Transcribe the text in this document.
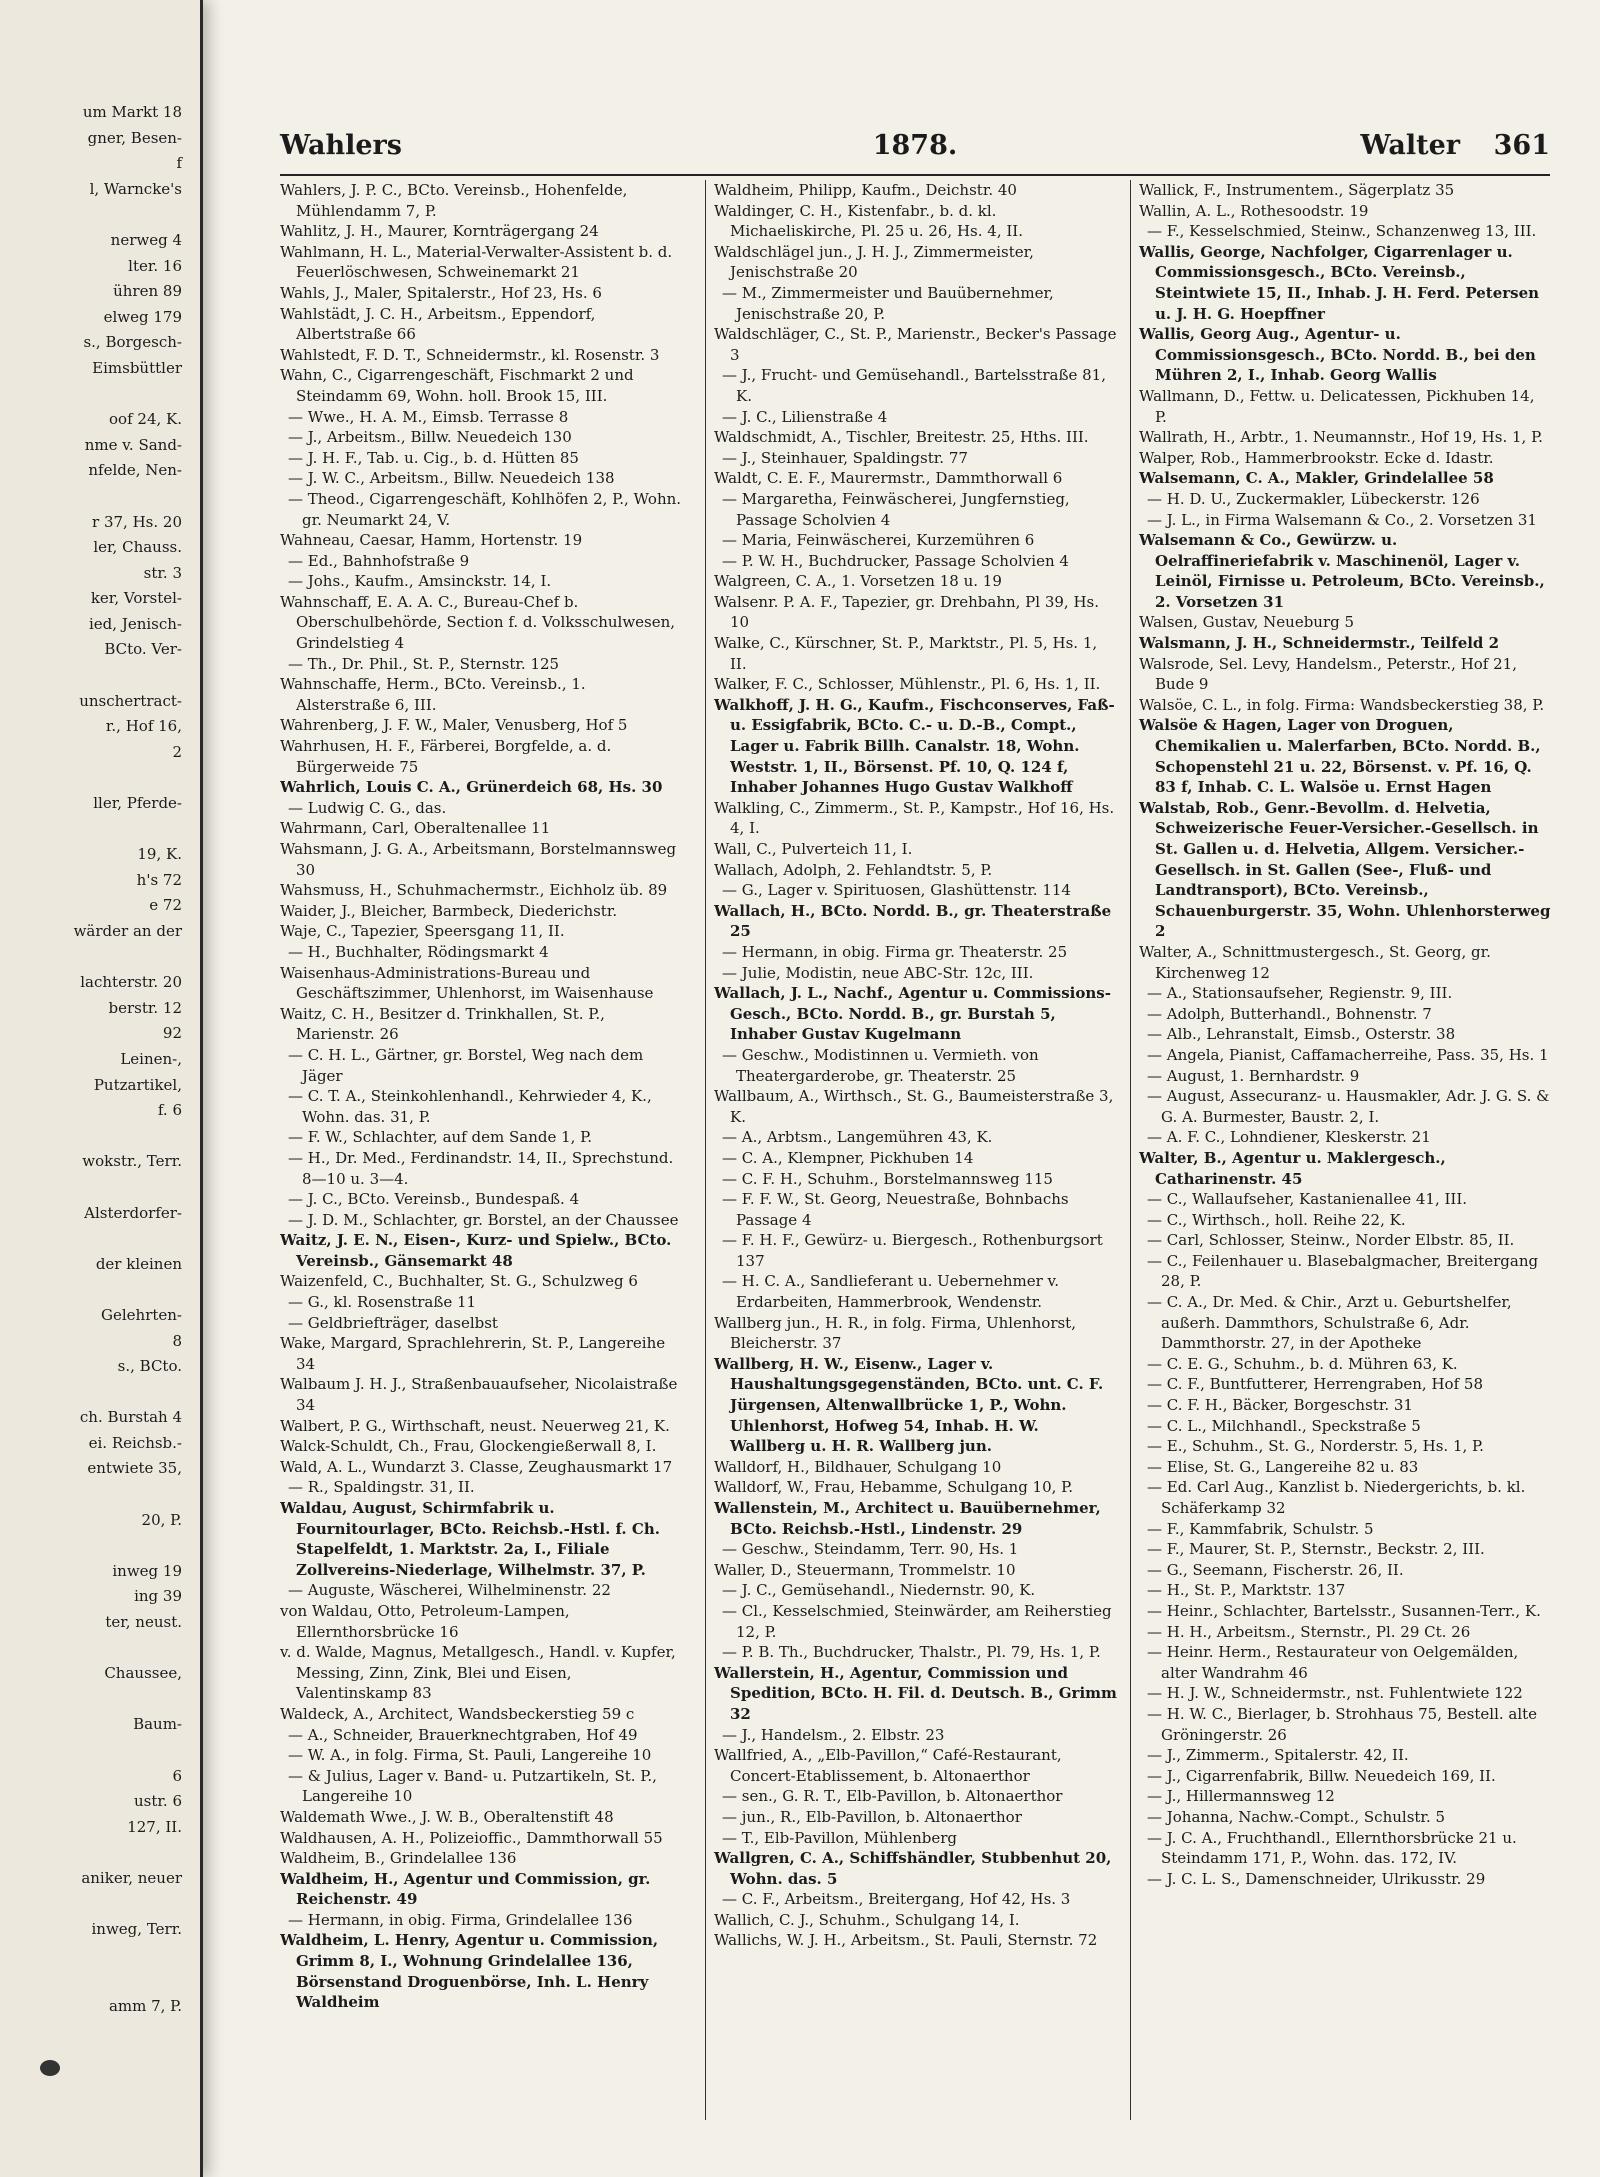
um Markt 18
gner, Besen-
f
l, Warncke's

nerweg 4
lter. 16
ühren 89
elweg 179
s., Borgesch-
Eimsbüttler

oof 24, K.
nme v. Sand-
nfelde, Nen-

r 37, Hs. 20
ler, Chauss.
str. 3
ker, Vorstel-
ied, Jenisch-
BCto. Ver-

unschertract-
r., Hof 16,
2

ller, Pferde-

19, K.
h's 72
e 72
wärder an der

lachterstr. 20
berstr. 12
92
Leinen-,
Putzartikel,
f. 6

wokstr., Terr.

Alsterdorfer-

der kleinen

Gelehrten-
8
s., BCto.

ch. Burstah 4
ei. Reichsb.-
entwiete 35,

20, P.

inweg 19
ing 39
ter, neust.

Chaussee,

Baum-

6
ustr. 6
127, II.

aniker, neuer

inweg, Terr.

amm 7, P.
Wahlers	1878.	Walter 361

Wahlers, J. P. C., BCto. Vereinsb., Hohenfelde, Mühlendamm 7, P.

Wahlitz, J. H., Maurer, Kornträgergang 24

Wahlmann, H. L., Material-Verwalter-Assistent b. d. Feuerlöschwesen, Schweinemarkt 21

Wahls, J., Maler, Spitalerstr., Hof 23, Hs. 6

Wahlstädt, J. C. H., Arbeitsm., Eppendorf, Albertstraße 66

Wahlstedt, F. D. T., Schneidermstr., kl. Rosenstr. 3

Wahn, C., Cigarrengeschäft, Fischmarkt 2 und Steindamm 69, Wohn. holl. Brook 15, III.

— Wwe., H. A. M., Eimsb. Terrasse 8

— J., Arbeitsm., Billw. Neuedeich 130

— J. H. F., Tab. u. Cig., b. d. Hütten 85

— J. W. C., Arbeitsm., Billw. Neuedeich 138

— Theod., Cigarrengeschäft, Kohlhöfen 2, P., Wohn. gr. Neumarkt 24, V.

Wahneau, Caesar, Hamm, Hortenstr. 19

— Ed., Bahnhofstraße 9

— Johs., Kaufm., Amsinckstr. 14, I.

Wahnschaff, E. A. A. C., Bureau-Chef b. Oberschulbehörde, Section f. d. Volksschulwesen, Grindelstieg 4

— Th., Dr. Phil., St. P., Sternstr. 125

Wahnschaffe, Herm., BCto. Vereinsb., 1. Alsterstraße 6, III.

Wahrenberg, J. F. W., Maler, Venusberg, Hof 5

Wahrhusen, H. F., Färberei, Borgfelde, a. d. Bürgerweide 75

Wahrlich, Louis C. A., Grünerdeich 68, Hs. 30

— Ludwig C. G., das.

Wahrmann, Carl, Oberaltenallee 11

Wahsmann, J. G. A., Arbeitsmann, Borstelmannsweg 30

Wahsmuss, H., Schuhmachermstr., Eichholz üb. 89

Waider, J., Bleicher, Barmbeck, Diederichstr.

Waje, C., Tapezier, Speersgang 11, II.

— H., Buchhalter, Rödingsmarkt 4

Waisenhaus-Administrations-Bureau und Geschäftszimmer, Uhlenhorst, im Waisenhause

Waitz, C. H., Besitzer d. Trinkhallen, St. P., Marienstr. 26

— C. H. L., Gärtner, gr. Borstel, Weg nach dem Jäger

— C. T. A., Steinkohlenhandl., Kehrwieder 4, K., Wohn. das. 31, P.

— F. W., Schlachter, auf dem Sande 1, P.

— H., Dr. Med., Ferdinandstr. 14, II., Sprechstund. 8—10 u. 3—4.

— J. C., BCto. Vereinsb., Bundespaß. 4

— J. D. M., Schlachter, gr. Borstel, an der Chaussee

Waitz, J. E. N., Eisen-, Kurz- und Spielw., BCto. Vereinsb., Gänsemarkt 48

Waizenfeld, C., Buchhalter, St. G., Schulzweg 6

— G., kl. Rosenstraße 11

— Geldbriefträger, daselbst

Wake, Margard, Sprachlehrerin, St. P., Langereihe 34

Walbaum J. H. J., Straßenbauaufseher, Nicolaistraße 34

Walbert, P. G., Wirthschaft, neust. Neuerweg 21, K.

Walck-Schuldt, Ch., Frau, Glockengießerwall 8, I.

Wald, A. L., Wundarzt 3. Classe, Zeughausmarkt 17

— R., Spaldingstr. 31, II.

Waldau, August, Schirmfabrik u. Fournitourlager, BCto. Reichsb.-Hstl. f. Ch. Stapelfeldt, 1. Marktstr. 2a, I., Filiale Zollvereins-Niederlage, Wilhelmstr. 37, P.

— Auguste, Wäscherei, Wilhelminenstr. 22

von Waldau, Otto, Petroleum-Lampen, Ellernthorsbrücke 16

v. d. Walde, Magnus, Metallgesch., Handl. v. Kupfer, Messing, Zinn, Zink, Blei und Eisen, Valentinskamp 83

Waldeck, A., Architect, Wandsbeckerstieg 59 c

— A., Schneider, Brauerknechtgraben, Hof 49

— W. A., in folg. Firma, St. Pauli, Langereihe 10

— & Julius, Lager v. Band- u. Putzartikeln, St. P., Langereihe 10

Waldemath Wwe., J. W. B., Oberaltenstift 48

Waldhausen, A. H., Polizeioffic., Dammthorwall 55

Waldheim, B., Grindelallee 136

Waldheim, H., Agentur und Commission, gr. Reichenstr. 49

— Hermann, in obig. Firma, Grindelallee 136

Waldheim, L. Henry, Agentur u. Commission, Grimm 8, I., Wohnung Grindelallee 136, Börsenstand Droguenbörse, Inh. L. Henry Waldheim

Waldheim, Philipp, Kaufm., Deichstr. 40

Waldinger, C. H., Kistenfabr., b. d. kl. Michaeliskirche, Pl. 25 u. 26, Hs. 4, II.

Waldschlägel jun., J. H. J., Zimmermeister, Jenischstraße 20

— M., Zimmermeister und Bauübernehmer, Jenischstraße 20, P.

Waldschläger, C., St. P., Marienstr., Becker's Passage 3

— J., Frucht- und Gemüsehandl., Bartelsstraße 81, K.

— J. C., Lilienstraße 4

Waldschmidt, A., Tischler, Breitestr. 25, Hths. III.

— J., Steinhauer, Spaldingstr. 77

Waldt, C. E. F., Maurermstr., Dammthorwall 6

— Margaretha, Feinwäscherei, Jungfernstieg, Passage Scholvien 4

— Maria, Feinwäscherei, Kurzemühren 6

— P. W. H., Buchdrucker, Passage Scholvien 4

Walgreen, C. A., 1. Vorsetzen 18 u. 19

Walsenr. P. A. F., Tapezier, gr. Drehbahn, Pl 39, Hs. 10

Walke, C., Kürschner, St. P., Marktstr., Pl. 5, Hs. 1, II.

Walker, F. C., Schlosser, Mühlenstr., Pl. 6, Hs. 1, II.

Walkhoff, J. H. G., Kaufm., Fischconserves, Faß- u. Essigfabrik, BCto. C.- u. D.-B., Compt., Lager u. Fabrik Billh. Canalstr. 18, Wohn. Weststr. 1, II., Börsenst. Pf. 10, Q. 124 f, Inhaber Johannes Hugo Gustav Walkhoff

Walkling, C., Zimmerm., St. P., Kampstr., Hof 16, Hs. 4, I.

Wall, C., Pulverteich 11, I.

Wallach, Adolph, 2. Fehlandtstr. 5, P.

— G., Lager v. Spirituosen, Glashüttenstr. 114

Wallach, H., BCto. Nordd. B., gr. Theaterstraße 25

— Hermann, in obig. Firma gr. Theaterstr. 25

— Julie, Modistin, neue ABC-Str. 12c, III.

Wallach, J. L., Nachf., Agentur u. Commissions-Gesch., BCto. Nordd. B., gr. Burstah 5, Inhaber Gustav Kugelmann

— Geschw., Modistinnen u. Vermieth. von Theatergarderobe, gr. Theaterstr. 25

Wallbaum, A., Wirthsch., St. G., Baumeisterstraße 3, K.

— A., Arbtsm., Langemühren 43, K.

— C. A., Klempner, Pickhuben 14

— C. F. H., Schuhm., Borstelmannsweg 115

— F. F. W., St. Georg, Neuestraße, Bohnbachs Passage 4

— F. H. F., Gewürz- u. Biergesch., Rothenburgsort 137

— H. C. A., Sandlieferant u. Uebernehmer v. Erdarbeiten, Hammerbrook, Wendenstr.

Wallberg jun., H. R., in folg. Firma, Uhlenhorst, Bleicherstr. 37

Wallberg, H. W., Eisenw., Lager v. Haushaltungsgegenständen, BCto. unt. C. F. Jürgensen, Altenwallbrücke 1, P., Wohn. Uhlenhorst, Hofweg 54, Inhab. H. W. Wallberg u. H. R. Wallberg jun.

Walldorf, H., Bildhauer, Schulgang 10

Walldorf, W., Frau, Hebamme, Schulgang 10, P.

Wallenstein, M., Architect u. Bauübernehmer, BCto. Reichsb.-Hstl., Lindenstr. 29

— Geschw., Steindamm, Terr. 90, Hs. 1

Waller, D., Steuermann, Trommelstr. 10

— J. C., Gemüsehandl., Niedernstr. 90, K.

— Cl., Kesselschmied, Steinwärder, am Reiherstieg 12, P.

— P. B. Th., Buchdrucker, Thalstr., Pl. 79, Hs. 1, P.

Wallerstein, H., Agentur, Commission und Spedition, BCto. H. Fil. d. Deutsch. B., Grimm 32

— J., Handelsm., 2. Elbstr. 23

Wallfried, A., „Elb-Pavillon,“ Café-Restaurant, Concert-Etablissement, b. Altonaerthor

— sen., G. R. T., Elb-Pavillon, b. Altonaerthor

— jun., R., Elb-Pavillon, b. Altonaerthor

— T., Elb-Pavillon, Mühlenberg

Wallgren, C. A., Schiffshändler, Stubbenhut 20, Wohn. das. 5

— C. F., Arbeitsm., Breitergang, Hof 42, Hs. 3

Wallich, C. J., Schuhm., Schulgang 14, I.

Wallichs, W. J. H., Arbeitsm., St. Pauli, Sternstr. 72

Wallick, F., Instrumentem., Sägerplatz 35

Wallin, A. L., Rothesoodstr. 19

— F., Kesselschmied, Steinw., Schanzenweg 13, III.

Wallis, George, Nachfolger, Cigarrenlager u. Commissionsgesch., BCto. Vereinsb., Steintwiete 15, II., Inhab. J. H. Ferd. Petersen u. J. H. G. Hoepffner

Wallis, Georg Aug., Agentur- u. Commissionsgesch., BCto. Nordd. B., bei den Mühren 2, I., Inhab. Georg Wallis

Wallmann, D., Fettw. u. Delicatessen, Pickhuben 14, P.

Wallrath, H., Arbtr., 1. Neumannstr., Hof 19, Hs. 1, P.

Walper, Rob., Hammerbrookstr. Ecke d. Idastr.

Walsemann, C. A., Makler, Grindelallee 58

— H. D. U., Zuckermakler, Lübeckerstr. 126

— J. L., in Firma Walsemann & Co., 2. Vorsetzen 31

Walsemann & Co., Gewürzw. u. Oelraffineriefabrik v. Maschinenöl, Lager v. Leinöl, Firnisse u. Petroleum, BCto. Vereinsb., 2. Vorsetzen 31

Walsen, Gustav, Neueburg 5

Walsmann, J. H., Schneidermstr., Teilfeld 2

Walsrode, Sel. Levy, Handelsm., Peterstr., Hof 21, Bude 9

Walsöe, C. L., in folg. Firma: Wandsbeckerstieg 38, P.

Walsöe & Hagen, Lager von Droguen, Chemikalien u. Malerfarben, BCto. Nordd. B., Schopenstehl 21 u. 22, Börsenst. v. Pf. 16, Q. 83 f, Inhab. C. L. Walsöe u. Ernst Hagen

Walstab, Rob., Genr.-Bevollm. d. Helvetia, Schweizerische Feuer-Versicher.-Gesellsch. in St. Gallen u. d. Helvetia, Allgem. Versicher.-Gesellsch. in St. Gallen (See-, Fluß- und Landtransport), BCto. Vereinsb., Schauenburgerstr. 35, Wohn. Uhlenhorsterweg 2

Walter, A., Schnittmustergesch., St. Georg, gr. Kirchenweg 12

— A., Stationsaufseher, Regienstr. 9, III.

— Adolph, Butterhandl., Bohnenstr. 7

— Alb., Lehranstalt, Eimsb., Osterstr. 38

— Angela, Pianist, Caffamacherreihe, Pass. 35, Hs. 1

— August, 1. Bernhardstr. 9

— August, Assecuranz- u. Hausmakler, Adr. J. G. S. & G. A. Burmester, Baustr. 2, I.

— A. F. C., Lohndiener, Kleskerstr. 21

Walter, B., Agentur u. Maklergesch., Catharinenstr. 45

— C., Wallaufseher, Kastanienallee 41, III.

— C., Wirthsch., holl. Reihe 22, K.

— Carl, Schlosser, Steinw., Norder Elbstr. 85, II.

— C., Feilenhauer u. Blasebalgmacher, Breitergang 28, P.

— C. A., Dr. Med. & Chir., Arzt u. Geburtshelfer, außerh. Dammthors, Schulstraße 6, Adr. Dammthorstr. 27, in der Apotheke

— C. E. G., Schuhm., b. d. Mühren 63, K.

— C. F., Buntfutterer, Herrengraben, Hof 58

— C. F. H., Bäcker, Borgeschstr. 31

— C. L., Milchhandl., Speckstraße 5

— E., Schuhm., St. G., Norderstr. 5, Hs. 1, P.

— Elise, St. G., Langereihe 82 u. 83

— Ed. Carl Aug., Kanzlist b. Niedergerichts, b. kl. Schäferkamp 32

— F., Kammfabrik, Schulstr. 5

— F., Maurer, St. P., Sternstr., Beckstr. 2, III.

— G., Seemann, Fischerstr. 26, II.

— H., St. P., Marktstr. 137

— Heinr., Schlachter, Bartelsstr., Susannen-Terr., K.

— H. H., Arbeitsm., Sternstr., Pl. 29 Ct. 26

— Heinr. Herm., Restaurateur von Oelgemälden, alter Wandrahm 46

— H. J. W., Schneidermstr., nst. Fuhlentwiete 122

— H. W. C., Bierlager, b. Strohhaus 75, Bestell. alte Gröningerstr. 26

— J., Zimmerm., Spitalerstr. 42, II.

— J., Cigarrenfabrik, Billw. Neuedeich 169, II.

— J., Hillermannsweg 12

— Johanna, Nachw.-Compt., Schulstr. 5

— J. C. A., Fruchthandl., Ellernthorsbrücke 21 u. Steindamm 171, P., Wohn. das. 172, IV.

— J. C. L. S., Damenschneider, Ulrikusstr. 29
